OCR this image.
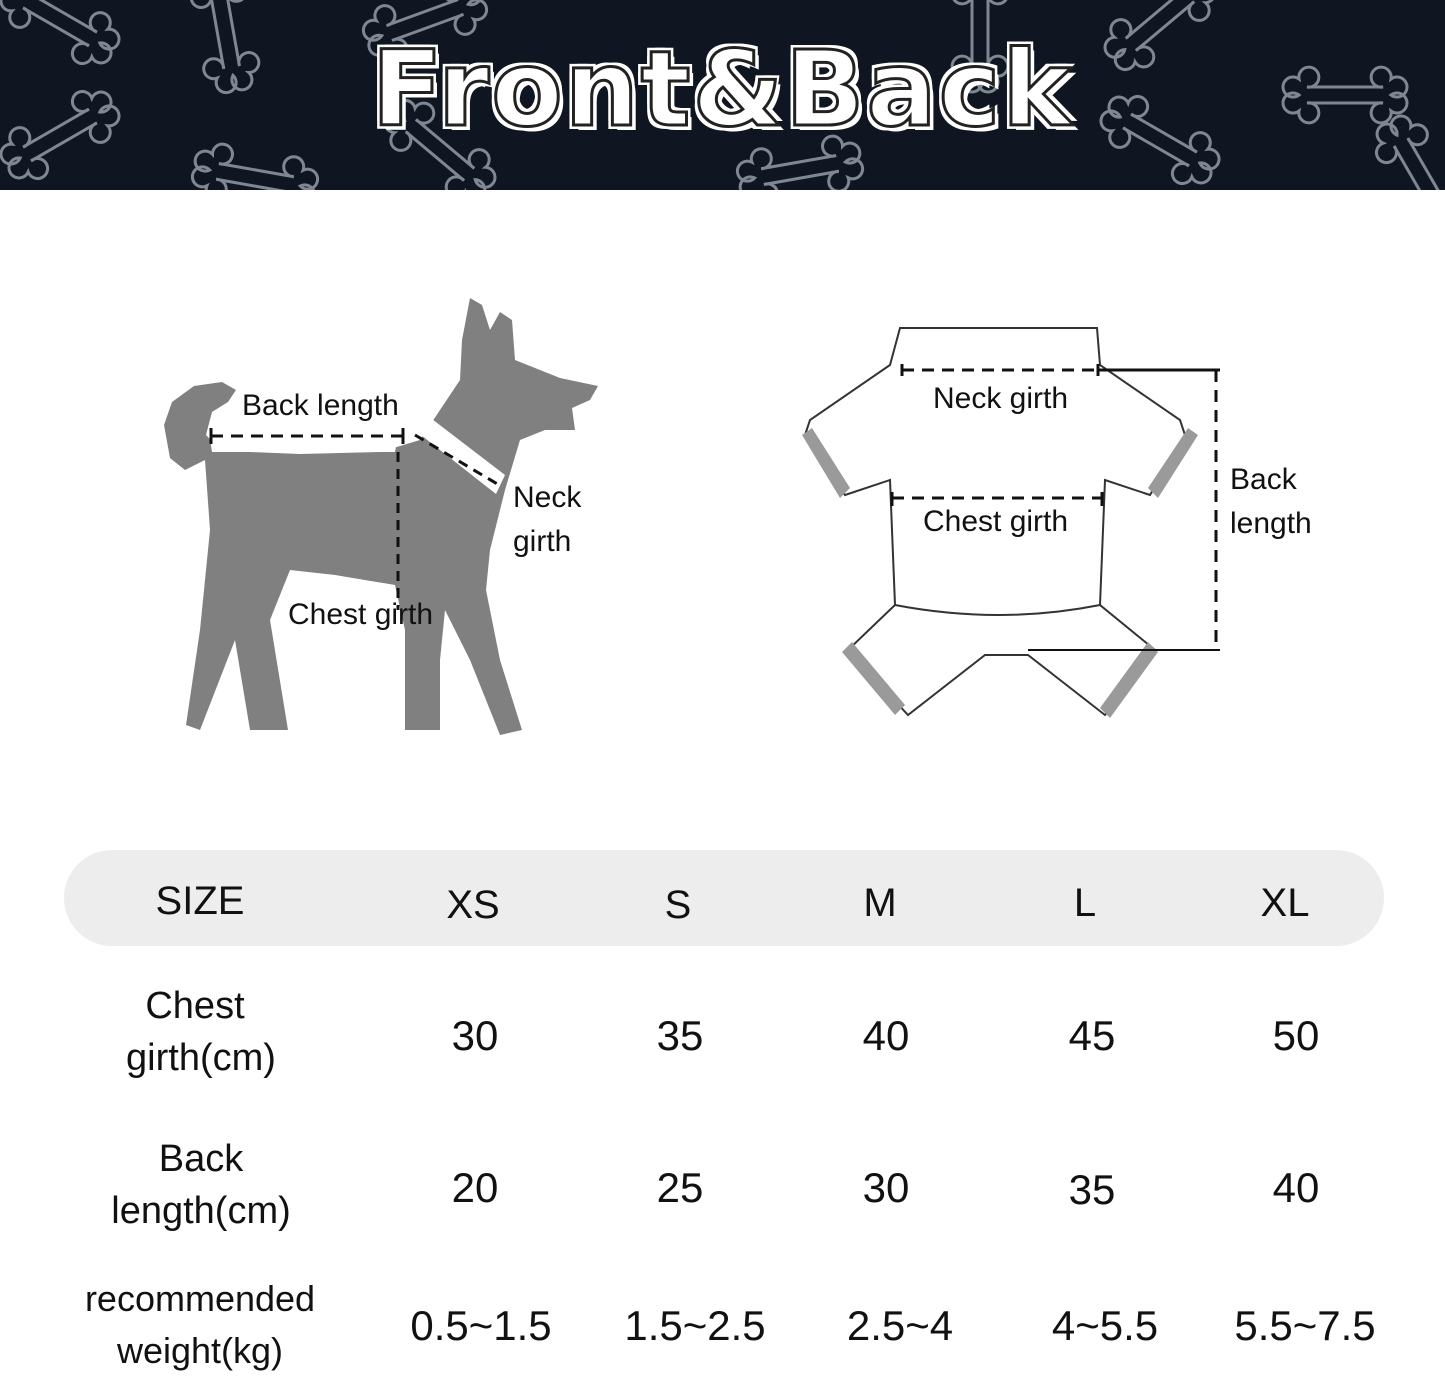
Front&Back
Back length
Neck
girth
Chest girth
Neck girth
Chest girth
Back
length
SIZE	XS	S	M	L	XL
Chest
girth(cm)	30	35	40	45	50
Back
length(cm)	20	25	30	35	40
recommended
weight(kg)
0.5~1.5	1.5~2.5	2.5~4	4~5.5	5.5~7.5
